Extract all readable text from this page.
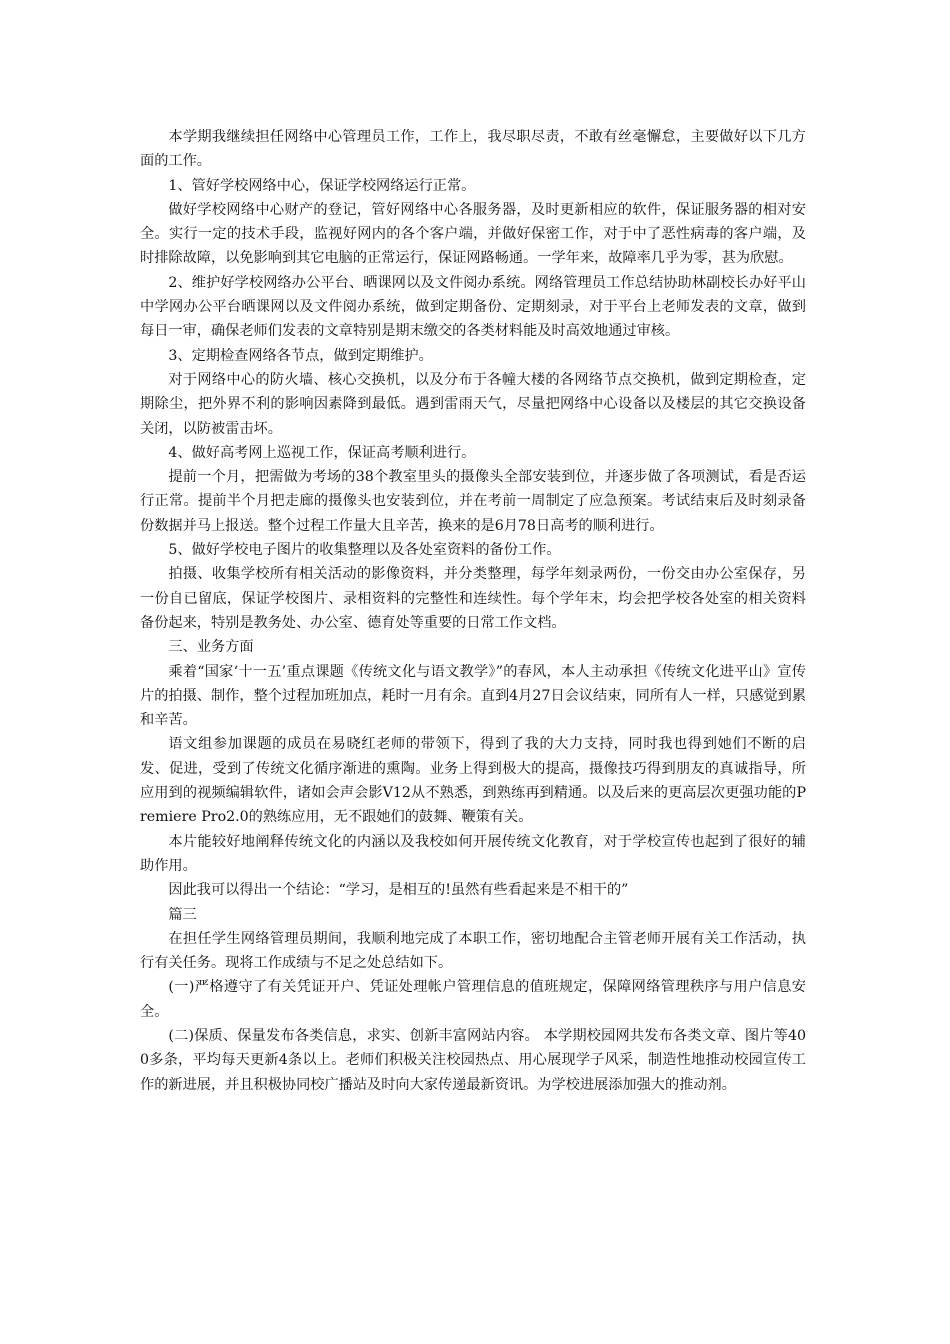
本学期我继续担任网络中心管理员工作，工作上，我尽职尽责，不敢有丝毫懈怠，主要做好以下几方面的工作。

1、管好学校网络中心，保证学校网络运行正常。

做好学校网络中心财产的登记，管好网络中心各服务器，及时更新相应的软件，保证服务器的相对安全。实行一定的技术手段，监视好网内的各个客户端，并做好保密工作，对于中了恶性病毒的客户端，及时排除故障，以免影响到其它电脑的正常运行，保证网路畅通。一学年来，故障率几乎为零，甚为欣慰。

2、维护好学校网络办公平台、晒课网以及文件阅办系统。网络管理员工作总结协助林副校长办好平山中学网办公平台晒课网以及文件阅办系统，做到定期备份、定期刻录，对于平台上老师发表的文章，做到每日一审，确保老师们发表的文章特别是期末缴交的各类材料能及时高效地通过审核。

3、定期检查网络各节点，做到定期维护。

对于网络中心的防火墙、核心交换机，以及分布于各幢大楼的各网络节点交换机，做到定期检查，定期除尘，把外界不利的影响因素降到最低。遇到雷雨天气，尽量把网络中心设备以及楼层的其它交换设备关闭，以防被雷击坏。

4、做好高考网上巡视工作，保证高考顺利进行。

提前一个月，把需做为考场的38个教室里头的摄像头全部安装到位，并逐步做了各项测试，看是否运行正常。提前半个月把走廊的摄像头也安装到位，并在考前一周制定了应急预案。考试结束后及时刻录备份数据并马上报送。整个过程工作量大且辛苦，换来的是6月78日高考的顺利进行。

5、做好学校电子图片的收集整理以及各处室资料的备份工作。

拍摄、收集学校所有相关活动的影像资料，并分类整理，每学年刻录两份，一份交由办公室保存，另一份自已留底，保证学校图片、录相资料的完整性和连续性。每个学年末，均会把学校各处室的相关资料备份起来，特别是教务处、办公室、德育处等重要的日常工作文档。

三、业务方面

乘着“国家‘十一五’重点课题《传统文化与语文教学》”的春风，本人主动承担《传统文化进平山》宣传片的拍摄、制作，整个过程加班加点，耗时一月有余。直到4月27日会议结束，同所有人一样，只感觉到累和辛苦。

语文组参加课题的成员在易晓红老师的带领下，得到了我的大力支持，同时我也得到她们不断的启发、促进，受到了传统文化循序渐进的熏陶。业务上得到极大的提高，摄像技巧得到朋友的真诚指导，所应用到的视频编辑软件，诸如会声会影V12从不熟悉，到熟练再到精通。以及后来的更高层次更强功能的Premiere Pro2.0的熟练应用，无不跟她们的鼓舞、鞭策有关。

本片能较好地阐释传统文化的内涵以及我校如何开展传统文化教育，对于学校宣传也起到了很好的辅助作用。

因此我可以得出一个结论：“学习，是相互的!虽然有些看起来是不相干的”

篇三

在担任学生网络管理员期间，我顺利地完成了本职工作，密切地配合主管老师开展有关工作活动，执行有关任务。现将工作成绩与不足之处总结如下。

(一)严格遵守了有关凭证开户、凭证处理帐户管理信息的值班规定，保障网络管理秩序与用户信息安全。

(二)保质、保量发布各类信息，求实、创新丰富网站内容。 本学期校园网共发布各类文章、图片等400多条，平均每天更新4条以上。老师们积极关注校园热点、用心展现学子风采，制造性地推动校园宣传工作的新进展，并且积极协同校广播站及时向大家传递最新资讯。为学校进展添加强大的推动剂。
